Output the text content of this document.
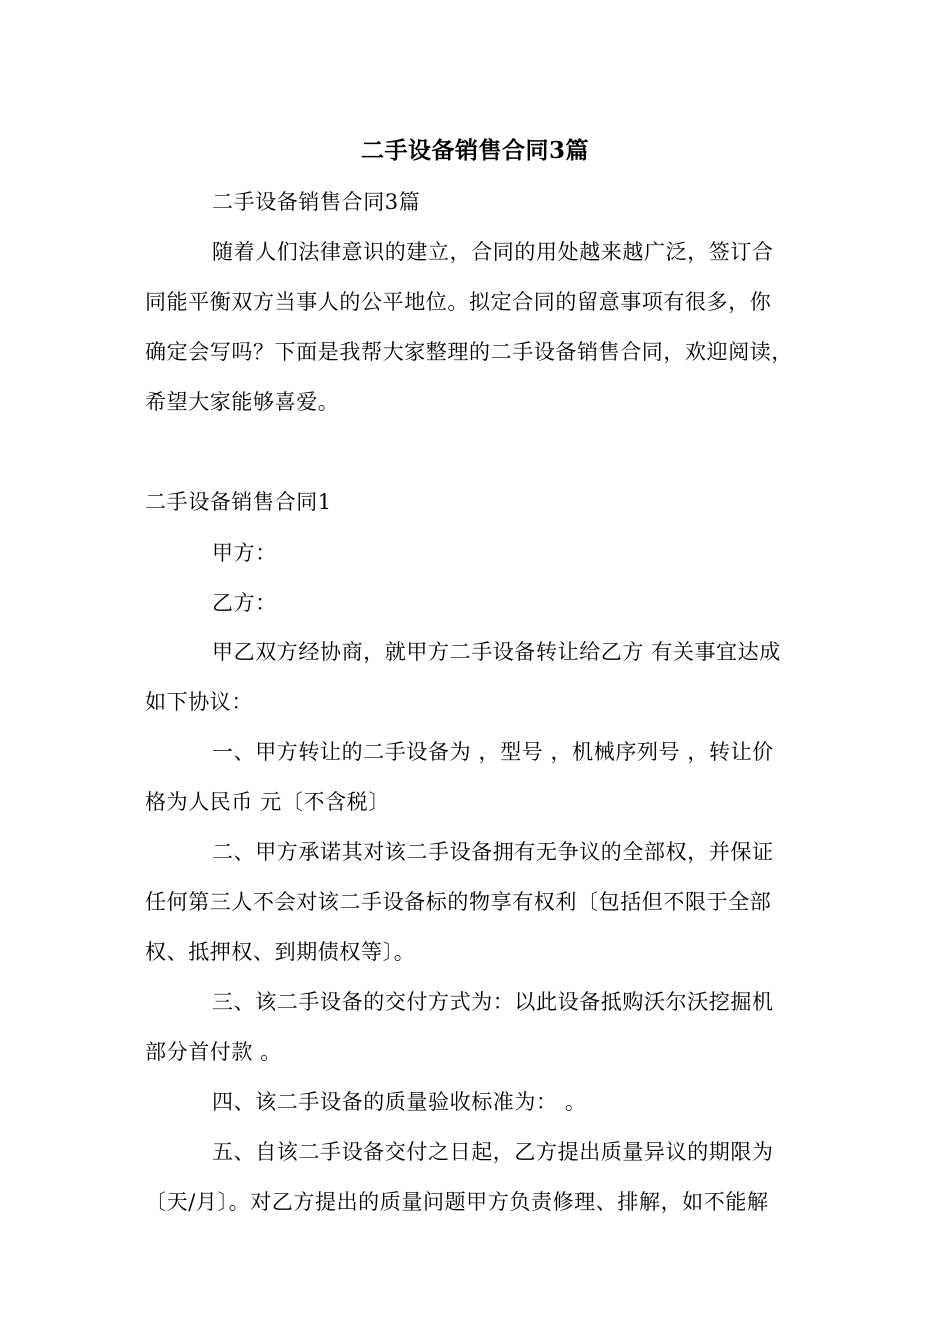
二手设备销售合同3篇
二手设备销售合同3篇
随着人们法律意识的建立，合同的用处越来越广泛，签订合
同能平衡双方当事人的公平地位。拟定合同的留意事项有很多，你
确定会写吗？下面是我帮大家整理的二手设备销售合同，欢迎阅读，
希望大家能够喜爱。
二手设备销售合同1
甲方：
乙方：
甲乙双方经协商，就甲方二手设备转让给乙方 有关事宜达成
如下协议：
一、甲方转让的二手设备为 ，型号 ，机械序列号 ，转让价
格为人民币 元〔不含税〕
二、甲方承诺其对该二手设备拥有无争议的全部权，并保证
任何第三人不会对该二手设备标的物享有权利〔包括但不限于全部
权、抵押权、到期债权等〕。
三、该二手设备的交付方式为：以此设备抵购沃尔沃挖掘机
部分首付款 。
四、该二手设备的质量验收标准为： 。
五、自该二手设备交付之日起，乙方提出质量异议的期限为
〔天/月〕。对乙方提出的质量问题甲方负责修理、排解，如不能解
